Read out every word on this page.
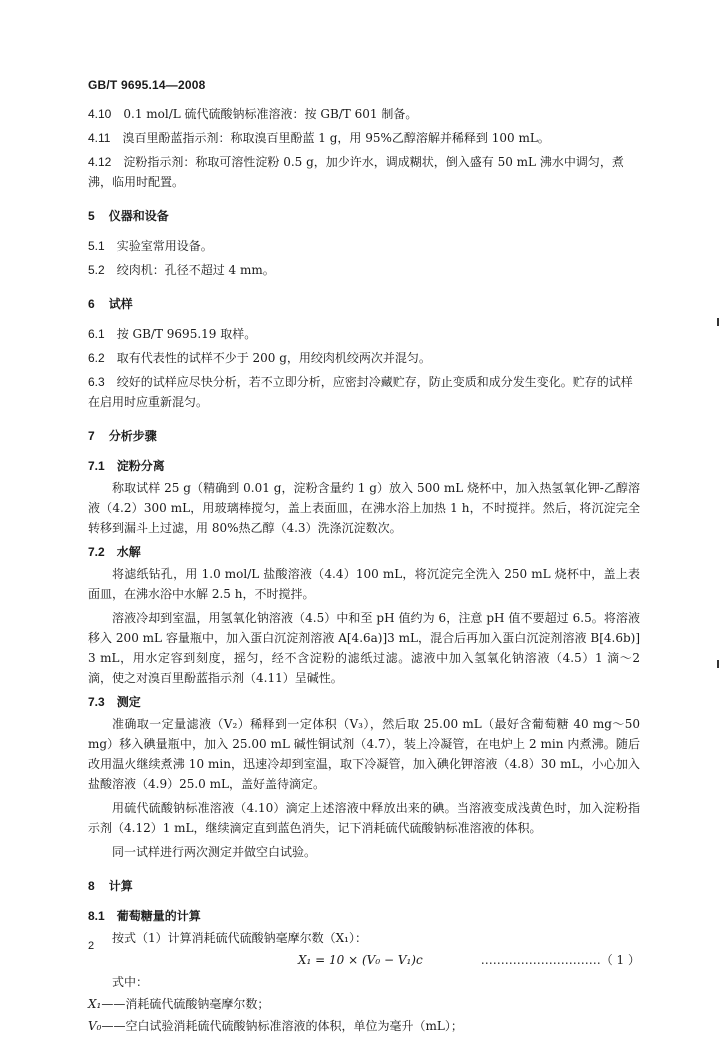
GB/T 9695.14—2008

4.10　 0.1 mol/L 硫代硫酸钠标准溶液：按 GB/T 601 制备。

4.11　 溴百里酚蓝指示剂：称取溴百里酚蓝 1 g，用 95%乙醇溶解并稀释到 100 mL。

4.12　 淀粉指示剂：称取可溶性淀粉 0.5 g，加少许水，调成糊状，倒入盛有 50 mL 沸水中调匀，煮沸，临用时配置。

5 仪器和设备

5.1　 实验室常用设备。

5.2　 绞肉机：孔径不超过 4 mm。

6 试样

6.1　 按 GB/T 9695.19 取样。

6.2　 取有代表性的试样不少于 200 g，用绞肉机绞两次并混匀。

6.3　 绞好的试样应尽快分析，若不立即分析，应密封冷藏贮存，防止变质和成分发生变化。贮存的试样在启用时应重新混匀。

7 分析步骤

7.1 淀粉分离

称取试样 25 g（精确到 0.01 g，淀粉含量约 1 g）放入 500 mL 烧杯中，加入热氢氧化钾-乙醇溶液（4.2）300 mL，用玻璃棒搅匀，盖上表面皿，在沸水浴上加热 1 h，不时搅拌。然后，将沉淀完全转移到漏斗上过滤，用 80%热乙醇（4.3）洗涤沉淀数次。

7.2 水解

将滤纸钻孔，用 1.0 mol/L 盐酸溶液（4.4）100 mL，将沉淀完全洗入 250 mL 烧杯中，盖上表面皿，在沸水浴中水解 2.5 h，不时搅拌。

溶液冷却到室温，用氢氧化钠溶液（4.5）中和至 pH 值约为 6，注意 pH 值不要超过 6.5。将溶液移入 200 mL 容量瓶中，加入蛋白沉淀剂溶液 A[4.6a)]3 mL，混合后再加入蛋白沉淀剂溶液 B[4.6b)] 3 mL，用水定容到刻度，摇匀，经不含淀粉的滤纸过滤。滤液中加入氢氧化钠溶液（4.5）1 滴～2 滴，使之对溴百里酚蓝指示剂（4.11）呈碱性。

7.3 测定

准确取一定量滤液（V₂）稀释到一定体积（V₃），然后取 25.00 mL（最好含葡萄糖 40 mg～50 mg）移入碘量瓶中，加入 25.00 mL 碱性铜试剂（4.7），装上冷凝管，在电炉上 2 min 内煮沸。随后改用温火继续煮沸 10 min，迅速冷却到室温，取下冷凝管，加入碘化钾溶液（4.8）30 mL，小心加入盐酸溶液（4.9）25.0 mL，盖好盖待滴定。

用硫代硫酸钠标准溶液（4.10）滴定上述溶液中释放出来的碘。当溶液变成浅黄色时，加入淀粉指示剂（4.12）1 mL，继续滴定直到蓝色消失，记下消耗硫代硫酸钠标准溶液的体积。

同一试样进行两次测定并做空白试验。

8 计算

8.1 葡萄糖量的计算

按式（1）计算消耗硫代硫酸钠毫摩尔数（X₁）：

X₁ = 10 × (V₀ − V₁)c	…………………………（ 1 ）

式中：

X₁——消耗硫代硫酸钠毫摩尔数；

V₀——空白试验消耗硫代硫酸钠标准溶液的体积，单位为毫升（mL）；

2
